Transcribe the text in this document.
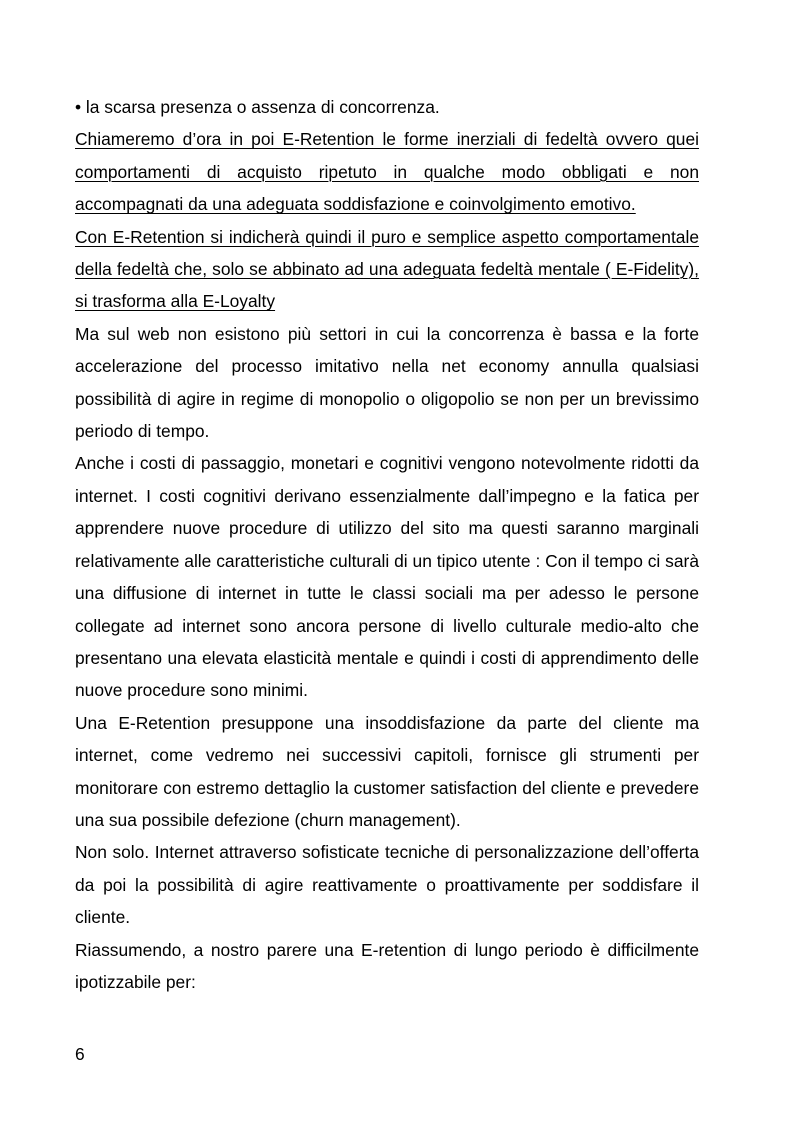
• la scarsa presenza o assenza di concorrenza.

Chiameremo d’ora in poi E-Retention le forme inerziali di fedeltà ovvero quei comportamenti di acquisto ripetuto in qualche modo obbligati e non accompagnati da una adeguata soddisfazione e coinvolgimento emotivo.

Con E-Retention si indicherà quindi il puro e semplice aspetto comportamentale della fedeltà che, solo se abbinato ad una adeguata fedeltà mentale ( E-Fidelity), si trasforma alla E-Loyalty

Ma sul web non esistono più settori in cui la concorrenza è bassa e la forte accelerazione del processo imitativo nella net economy annulla qualsiasi possibilità di agire in regime di monopolio o oligopolio se non per un brevissimo periodo di tempo.

Anche i costi di passaggio, monetari e cognitivi vengono notevolmente ridotti da internet. I costi cognitivi derivano essenzialmente dall’impegno e la fatica per apprendere nuove procedure di utilizzo del sito ma questi saranno marginali relativamente alle caratteristiche culturali di un tipico utente : Con il tempo ci sarà una diffusione di internet in tutte le classi sociali ma per adesso le persone collegate ad internet sono ancora persone di livello culturale medio-alto che presentano una elevata elasticità mentale e quindi i costi di apprendimento delle nuove procedure sono minimi.

Una E-Retention presuppone una insoddisfazione da parte del cliente ma internet, come vedremo nei successivi capitoli, fornisce gli strumenti per monitorare con estremo dettaglio la customer satisfaction del cliente e prevedere una sua possibile defezione (churn management).

Non solo. Internet attraverso sofisticate tecniche di personalizzazione dell’offerta da poi la possibilità di agire reattivamente o proattivamente per soddisfare il cliente.

Riassumendo, a nostro parere una E-retention di lungo periodo è difficilmente ipotizzabile per:

6
